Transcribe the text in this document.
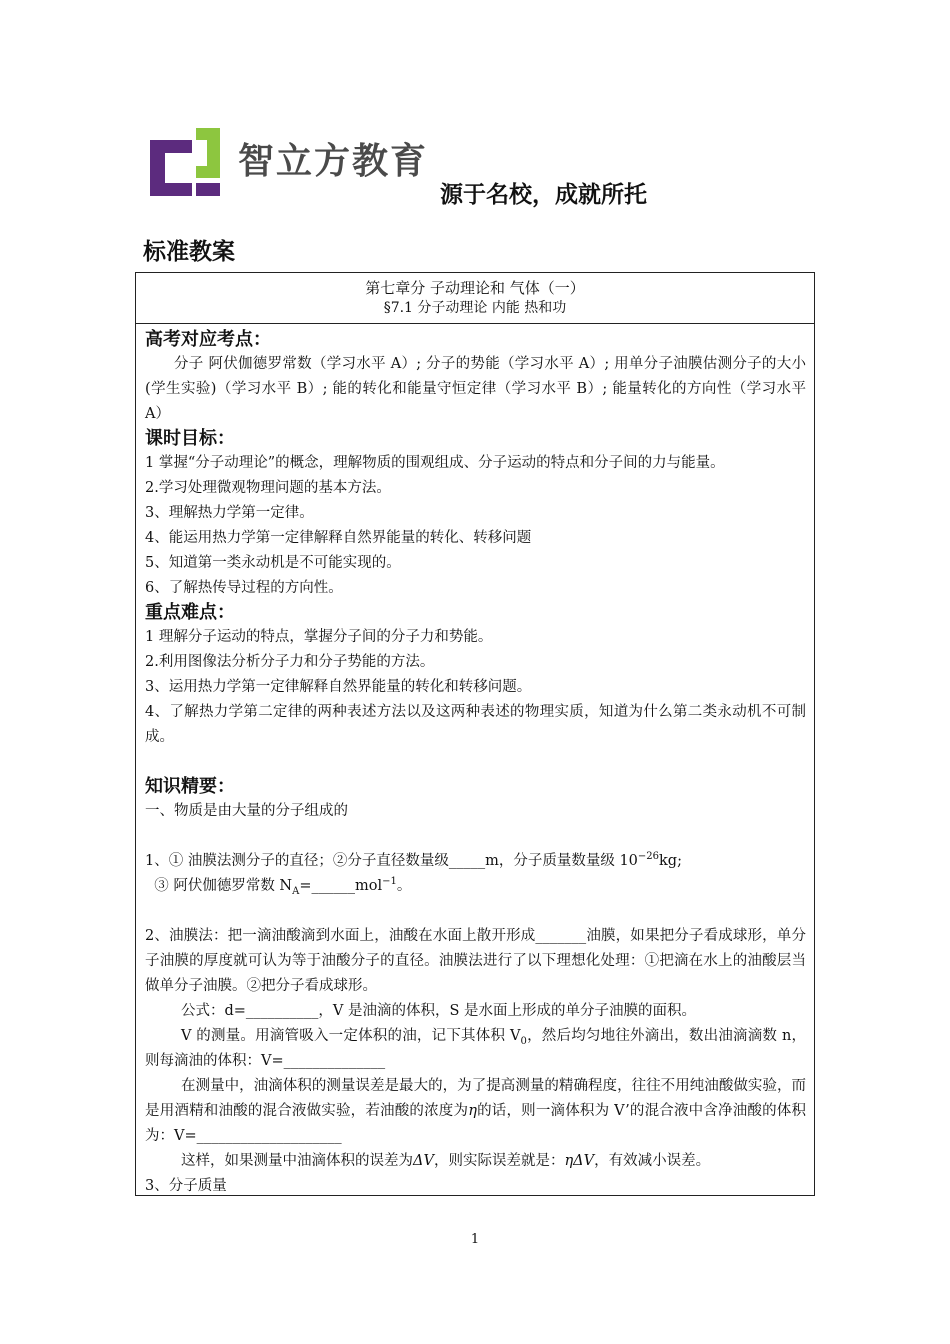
智立方教育
源于名校，成就所托
标准教案
第七章分 子动理论和 气体（一）
§7.1 分子动理论 内能 热和功
高考对应考点：

分子 阿伏伽德罗常数（学习水平 A）; 分子的势能（学习水平 A）; 用单分子油膜估测分子的大小(学生实验)（学习水平 B）; 能的转化和能量守恒定律（学习水平 B）; 能量转化的方向性（学习水平 A）

课时目标：

1 掌握“分子动理论”的概念，理解物质的围观组成、分子运动的特点和分子间的力与能量。

2.学习处理微观物理问题的基本方法。

3、理解热力学第一定律。

4、能运用热力学第一定律解释自然界能量的转化、转移问题

5、知道第一类永动机是不可能实现的。

6、了解热传导过程的方向性。

重点难点：

1 理解分子运动的特点，掌握分子间的分子力和势能。

2.利用图像法分析分子力和分子势能的方法。

3、运用热力学第一定律解释自然界能量的转化和转移问题。

4、了解热力学第二定律的两种表述方法以及这两种表述的物理实质，知道为什么第二类永动机不可制成。

知识精要：

一、物质是由大量的分子组成的

1、① 油膜法测分子的直径；②分子直径数量级_____m，分子质量数量级 $10^{-26}kg$;

③ 阿伏伽德罗常数 $N_A=\_\_\_\_\_\_mol^{-1}$。

2、油膜法：把一滴油酸滴到水面上，油酸在水面上散开形成_______油膜，如果把分子看成球形，单分子油膜的厚度就可认为等于油酸分子的直径。油膜法进行了以下理想化处理：①把滴在水上的油酸层当做单分子油膜。②把分子看成球形。

公式：d=__________，V 是油滴的体积，S 是水面上形成的单分子油膜的面积。

V 的测量。用滴管吸入一定体积的油，记下其体积 $V_0$，然后均匀地往外滴出，数出油滴滴数 n，则每滴油的体积：V=______________

在测量中，油滴体积的测量误差是最大的，为了提高测量的精确程度，往往不用纯油酸做实验，而是用酒精和油酸的混合液做实验，若油酸的浓度为η的话，则一滴体积为 V’的混合液中含净油酸的体积为：V=____________________

这样，如果测量中油滴体积的误差为ΔV，则实际误差就是：ηΔV，有效减小误差。

3、分子质量

1
